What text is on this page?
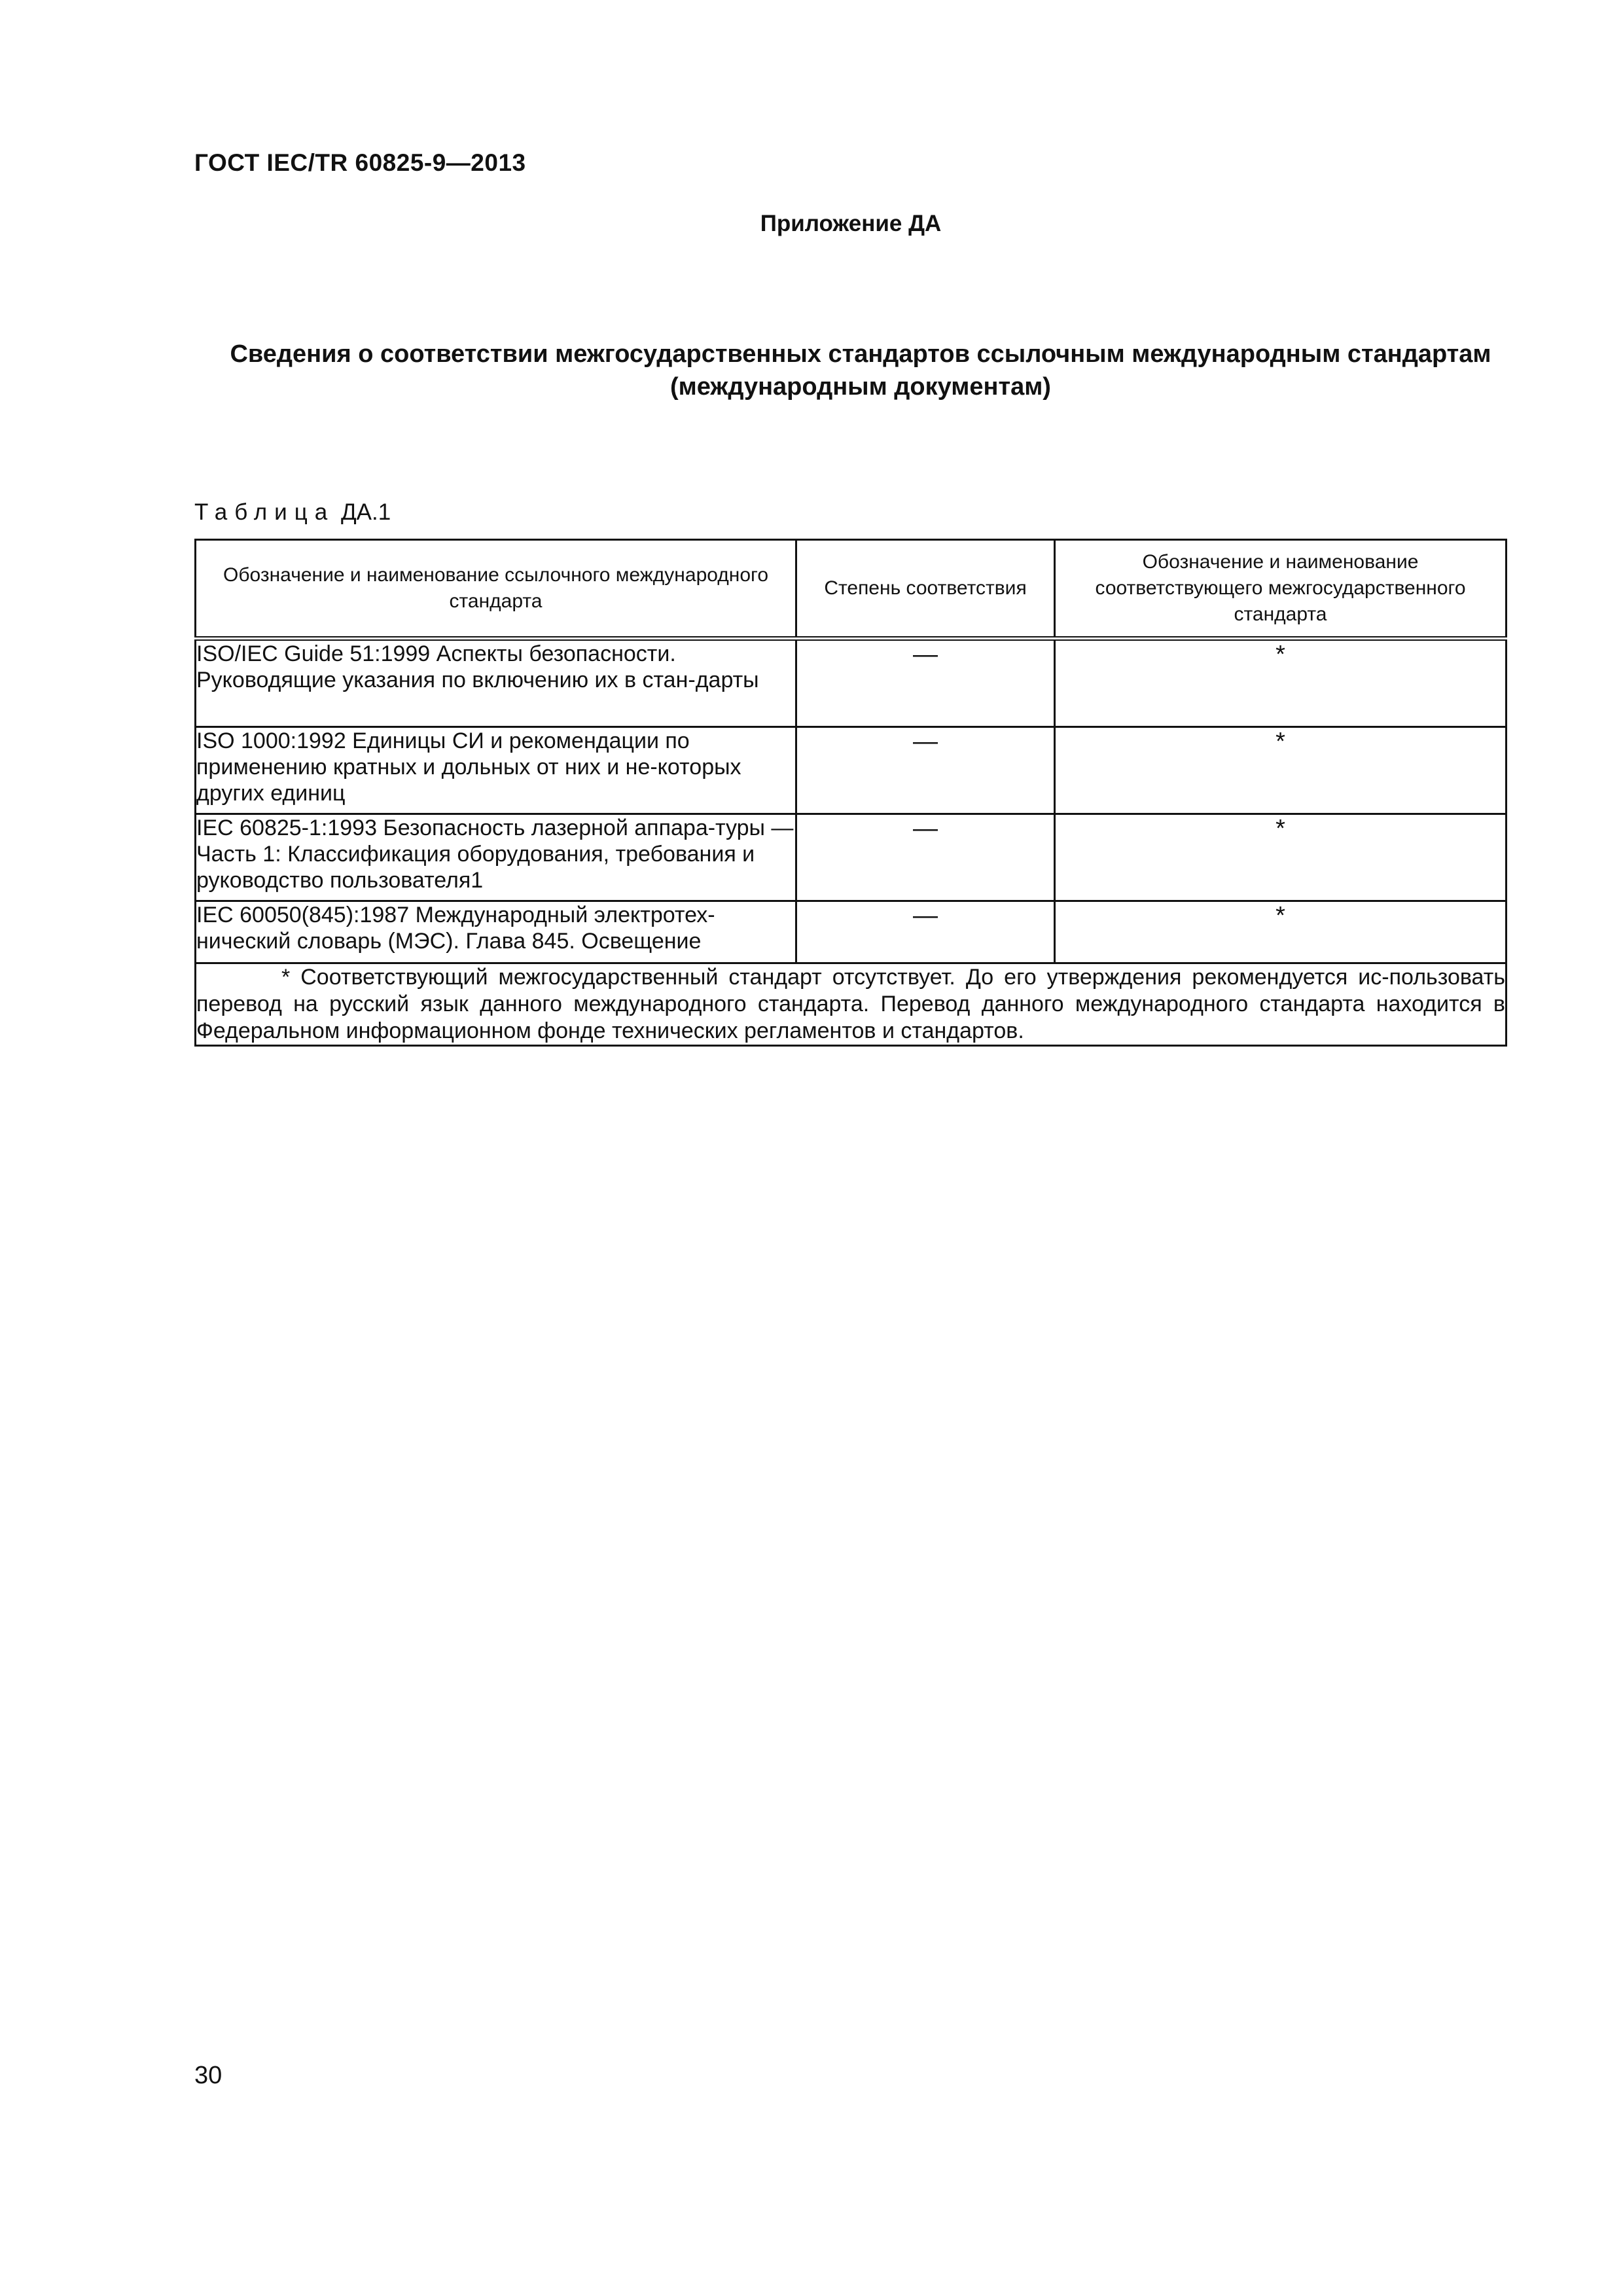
ГОСТ IEC/TR 60825-9—2013
Приложение ДА
Сведения о соответствии межгосударственных стандартов ссылочным международным стандартам (международным документам)
Таблица ДА.1
Обозначение и наименование ссылочного международного стандарта	Степень соответствия	Обозначение и наименование соответствующего межгосударственного стандарта
ISO/IEC Guide 51:1999 Аспекты безопасности. Руководящие указания по включению их в стан-дарты	—	*
ISO 1000:1992 Единицы СИ и рекомендации по применению кратных и дольных от них и не-которых других единиц	—	*
IEC 60825-1:1993 Безопасность лазерной аппара-туры — Часть 1: Классификация оборудования, требования и руководство пользователя1	—	*
IEC 60050(845):1987 Международный электротех-нический словарь (МЭС). Глава 845. Освещение	—	*
* Соответствующий межгосударственный стандарт отсутствует. До его утверждения рекомендуется ис-пользовать перевод на русский язык данного международного стандарта. Перевод данного международного стандарта находится в Федеральном информационном фонде технических регламентов и стандартов.		
30
